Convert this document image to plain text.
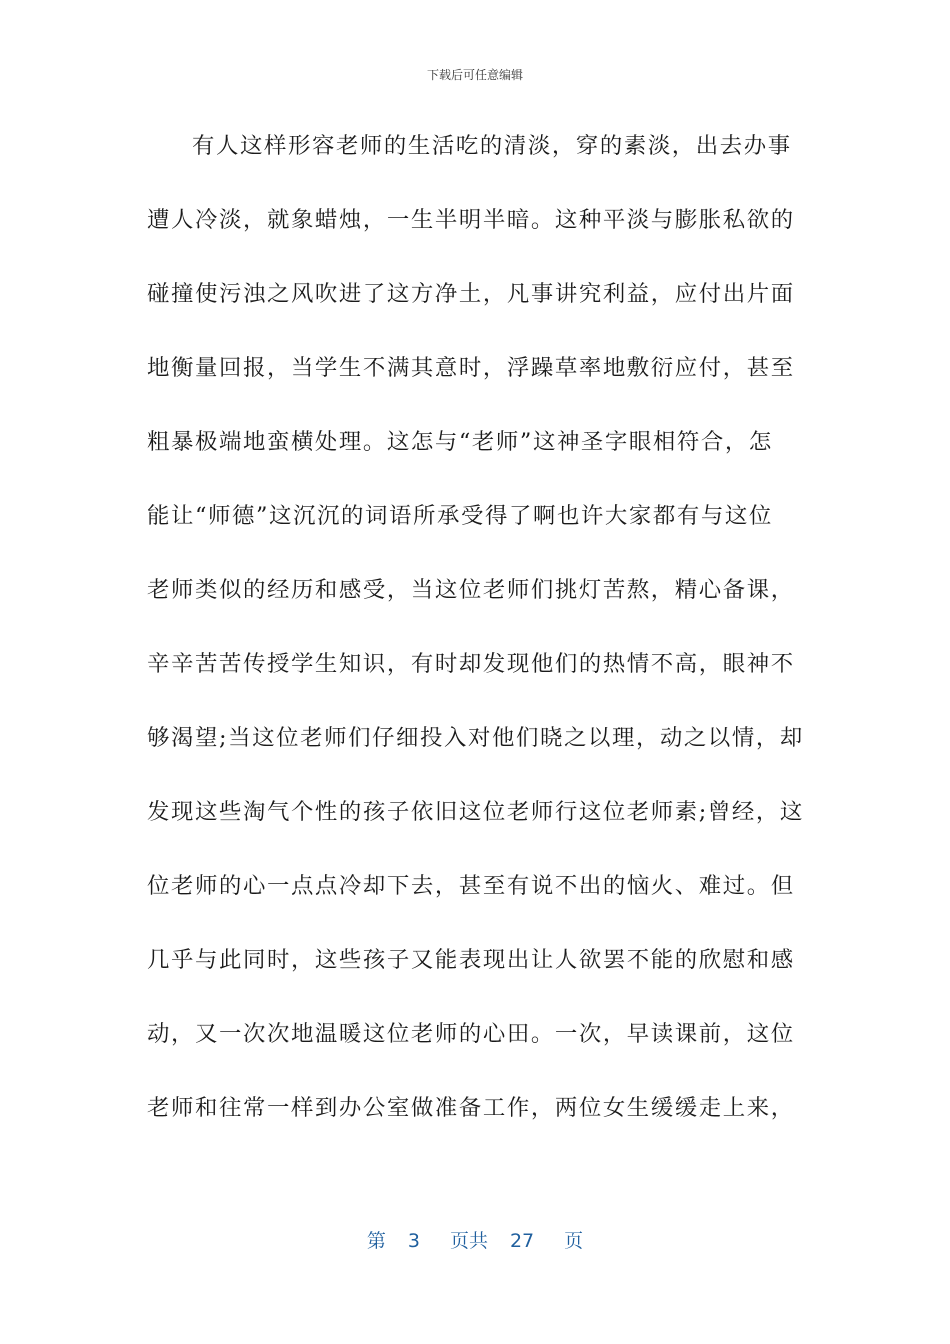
下载后可任意编辑
有人这样形容老师的生活吃的清淡，穿的素淡，出去办事
遭人冷淡，就象蜡烛，一生半明半暗。这种平淡与膨胀私欲的
碰撞使污浊之风吹进了这方净土，凡事讲究利益，应付出片面
地衡量回报，当学生不满其意时，浮躁草率地敷衍应付，甚至
粗暴极端地蛮横处理。这怎与“老师”这神圣字眼相符合，怎
能让“师德”这沉沉的词语所承受得了啊也许大家都有与这位
老师类似的经历和感受，当这位老师们挑灯苦熬，精心备课，
辛辛苦苦传授学生知识，有时却发现他们的热情不高，眼神不
够渴望;当这位老师们仔细投入对他们晓之以理，动之以情，却
发现这些淘气个性的孩子依旧这位老师行这位老师素;曾经，这
位老师的心一点点冷却下去，甚至有说不出的恼火、难过。但
几乎与此同时，这些孩子又能表现出让人欲罢不能的欣慰和感
动，又一次次地温暖这位老师的心田。一次，早读课前，这位
老师和往常一样到办公室做准备工作，两位女生缓缓走上来，
第 3 页共 27 页
